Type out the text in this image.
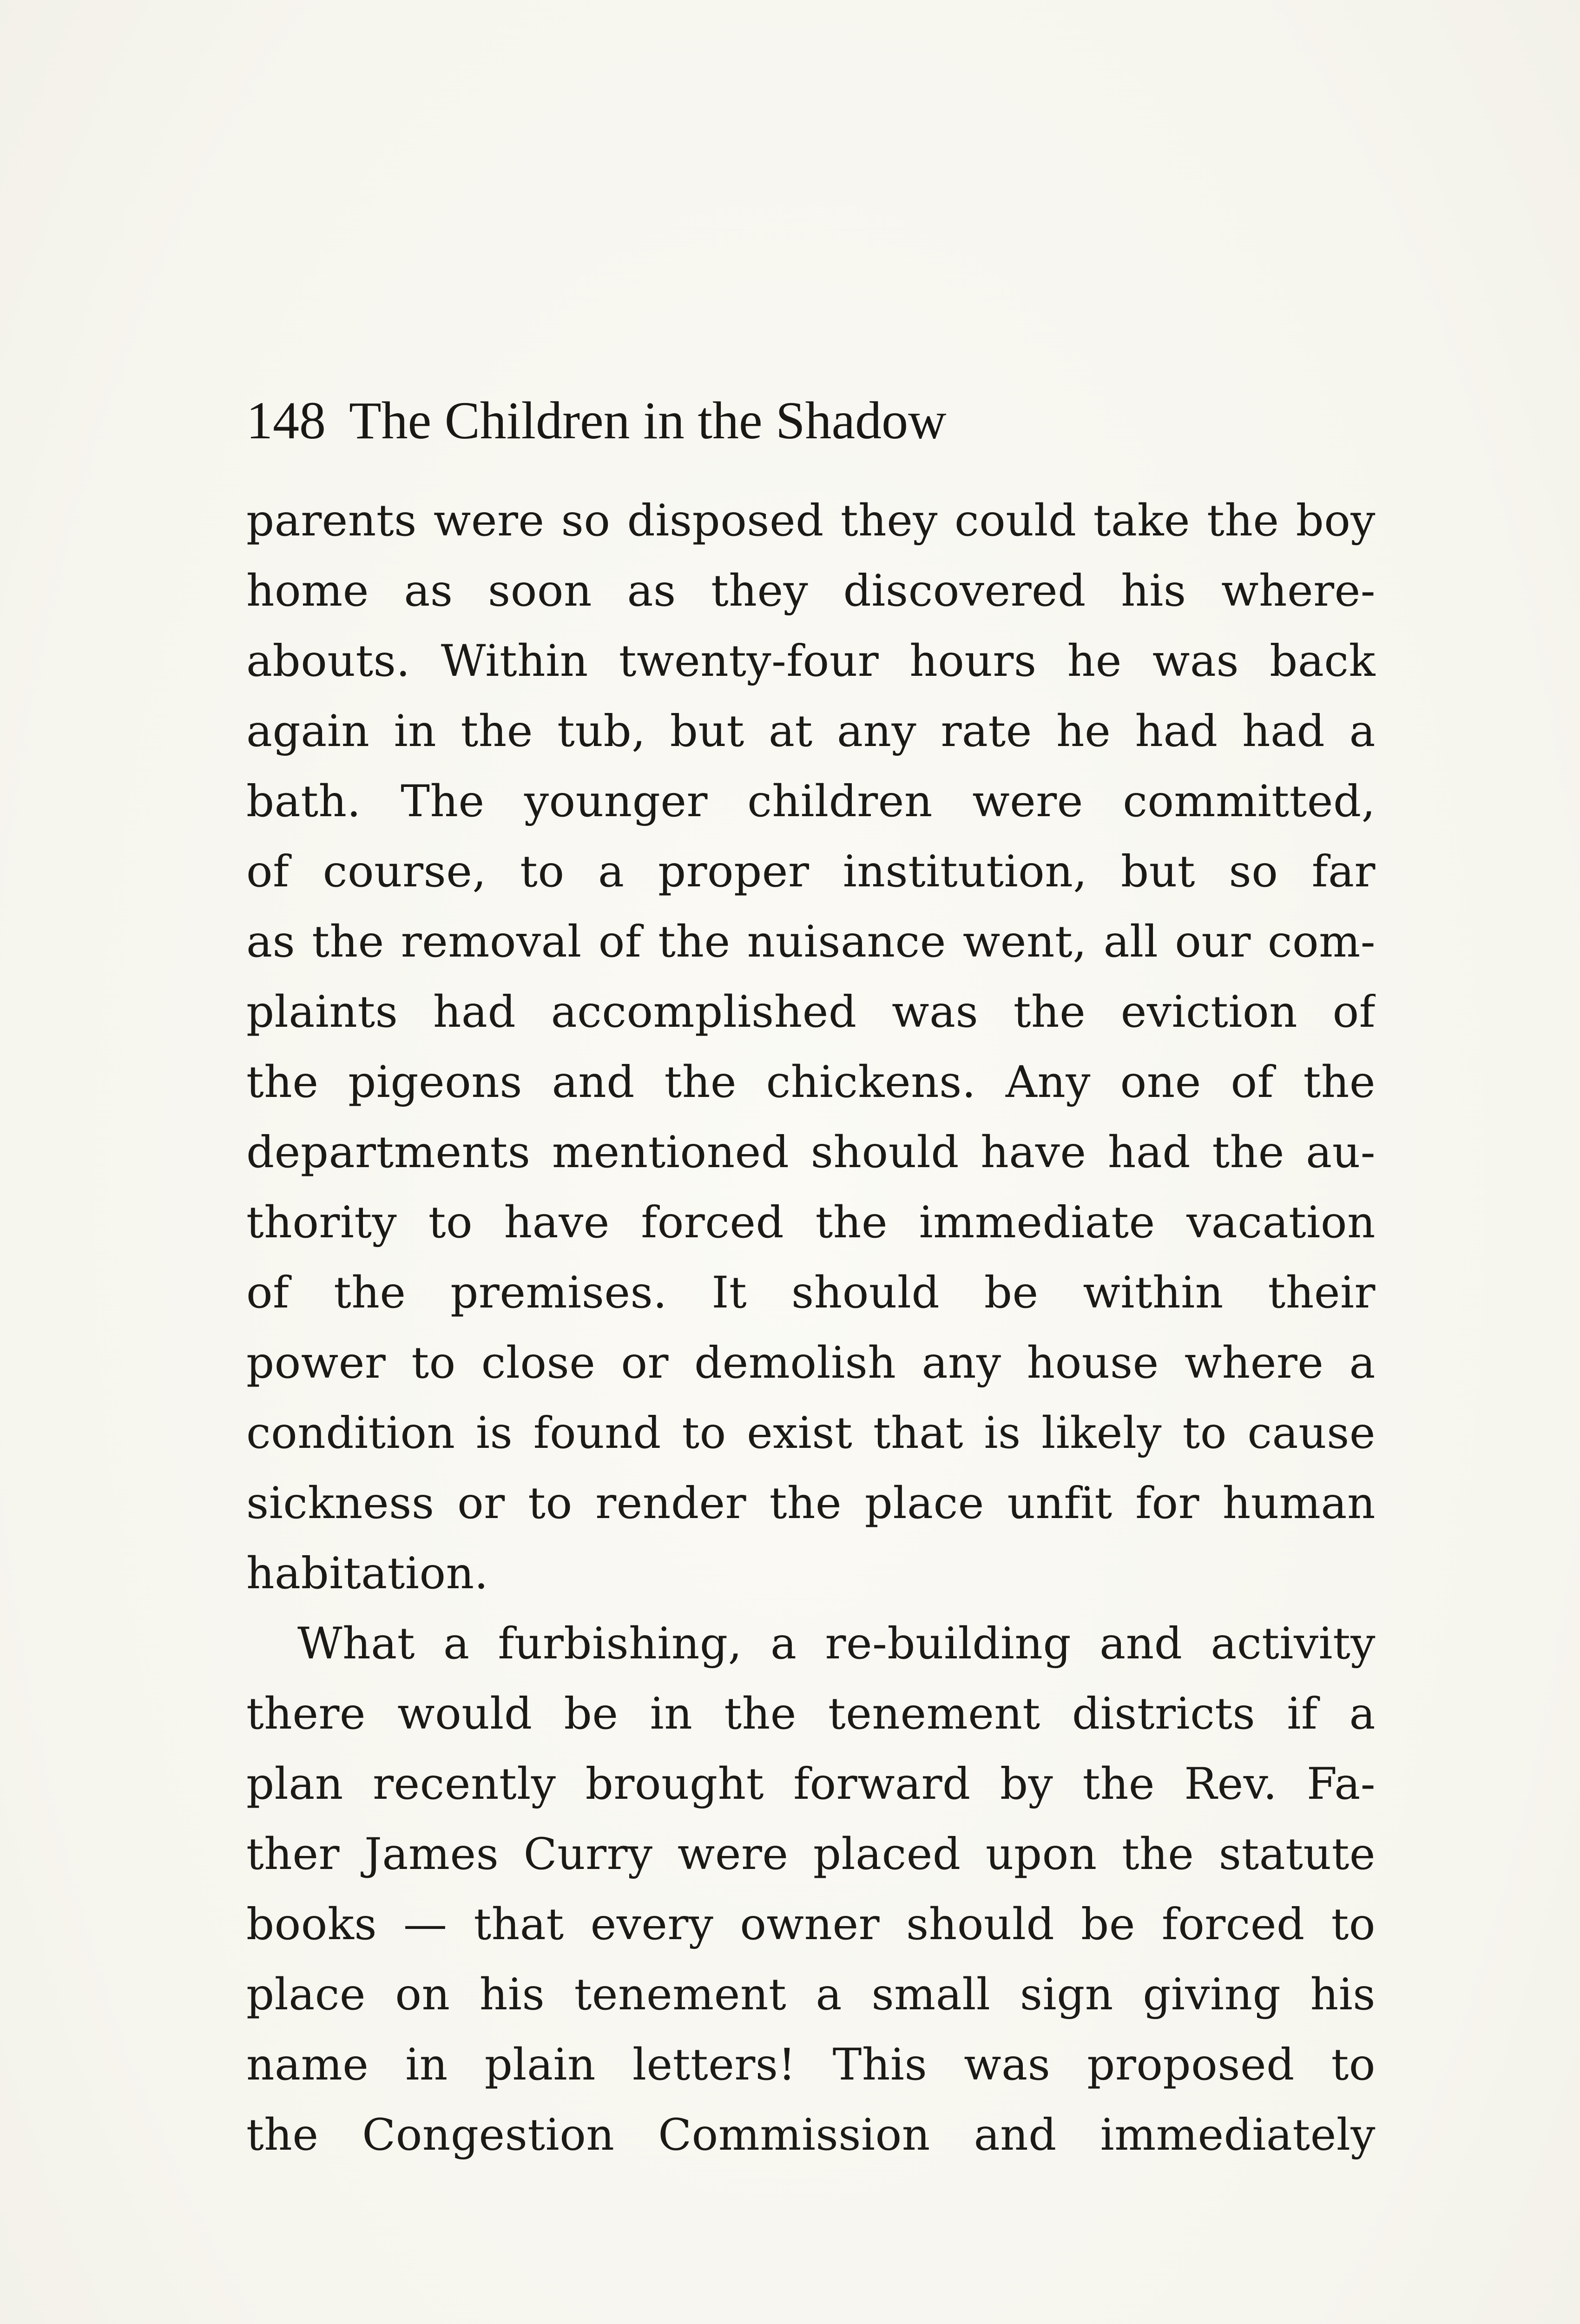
148 The Children in the Shadow
parents were so disposed they could take the boy
home as soon as they discovered his where-
abouts. Within twenty-four hours he was back
again in the tub, but at any rate he had had a
bath. The younger children were committed,
of course, to a proper institution, but so far
as the removal of the nuisance went, all our com-
plaints had accomplished was the eviction of
the pigeons and the chickens. Any one of the
departments mentioned should have had the au-
thority to have forced the immediate vacation
of the premises. It should be within their
power to close or demolish any house where a
condition is found to exist that is likely to cause
sickness or to render the place unfit for human
habitation.
What a furbishing, a re-building and activity
there would be in the tenement districts if a
plan recently brought forward by the Rev. Fa-
ther James Curry were placed upon the statute
books — that every owner should be forced to
place on his tenement a small sign giving his
name in plain letters! This was proposed to
the Congestion Commission and immediately
